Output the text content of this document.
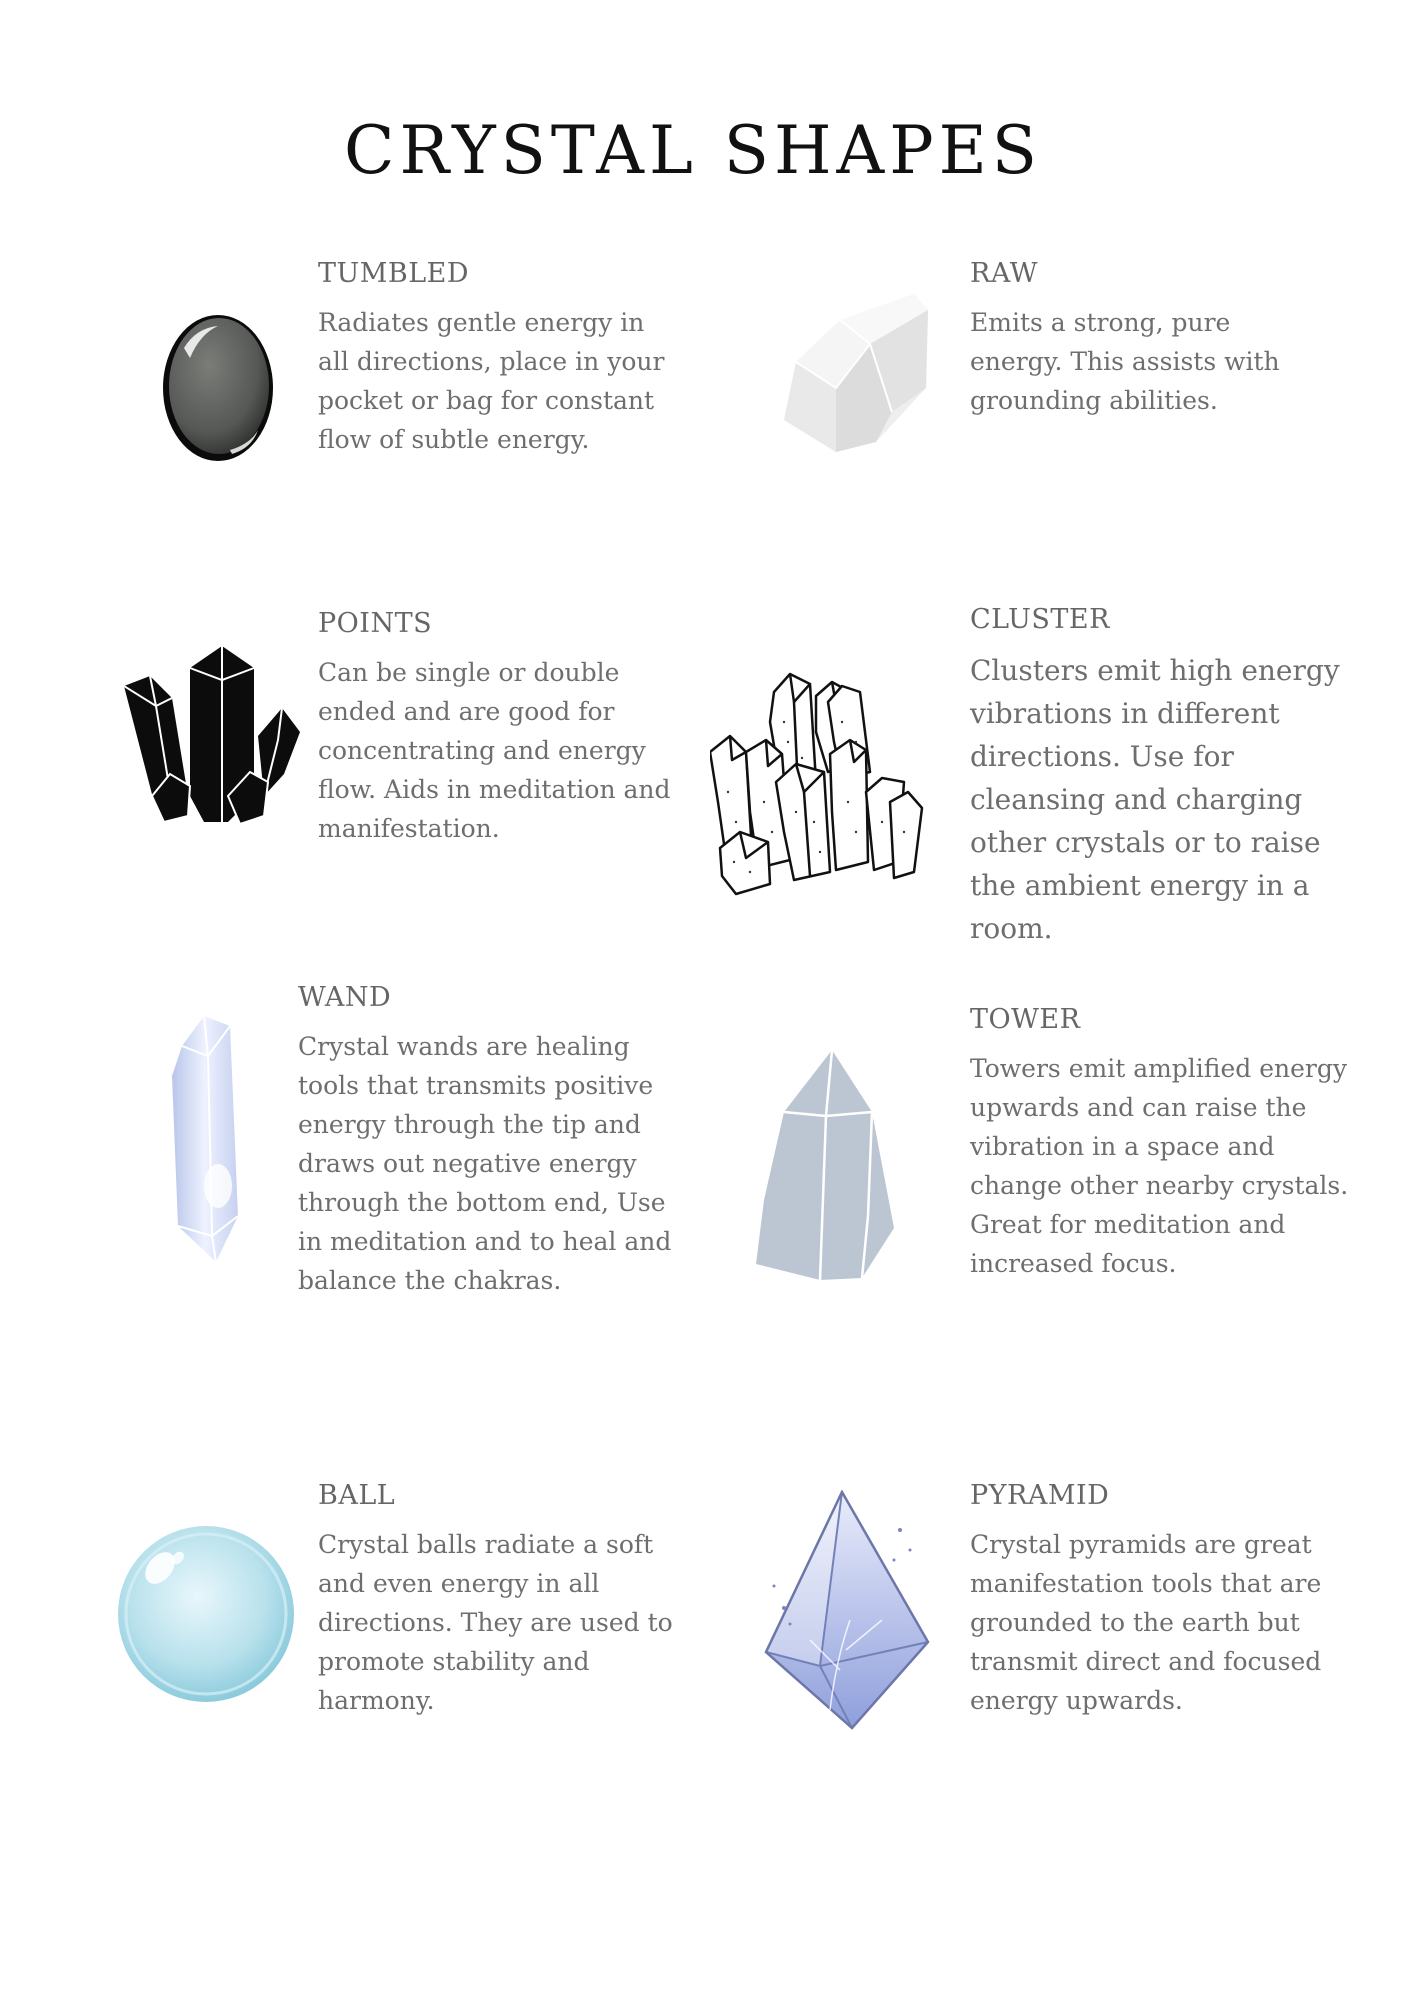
CRYSTAL SHAPES
TUMBLED

Radiates gentle energy in all directions, place in your pocket or bag for constant flow of subtle energy.

RAW

Emits a strong, pure energy. This assists with grounding abilities.

POINTS

Can be single or double ended and are good for concentrating and energy flow. Aids in meditation and manifestation.

CLUSTER

Clusters emit high energy vibrations in different directions. Use for cleansing and charging other crystals or to raise the ambient energy in a room.

WAND

Crystal wands are healing tools that transmits positive energy through the tip and draws out negative energy through the bottom end, Use in meditation and to heal and balance the chakras.

TOWER

Towers emit amplified energy upwards and can raise the vibration in a space and change other nearby crystals. Great for meditation and increased focus.

BALL

Crystal balls radiate a soft and even energy in all directions. They are used to promote stability and harmony.

PYRAMID

Crystal pyramids are great manifestation tools that are grounded to the earth but transmit direct and focused energy upwards.
